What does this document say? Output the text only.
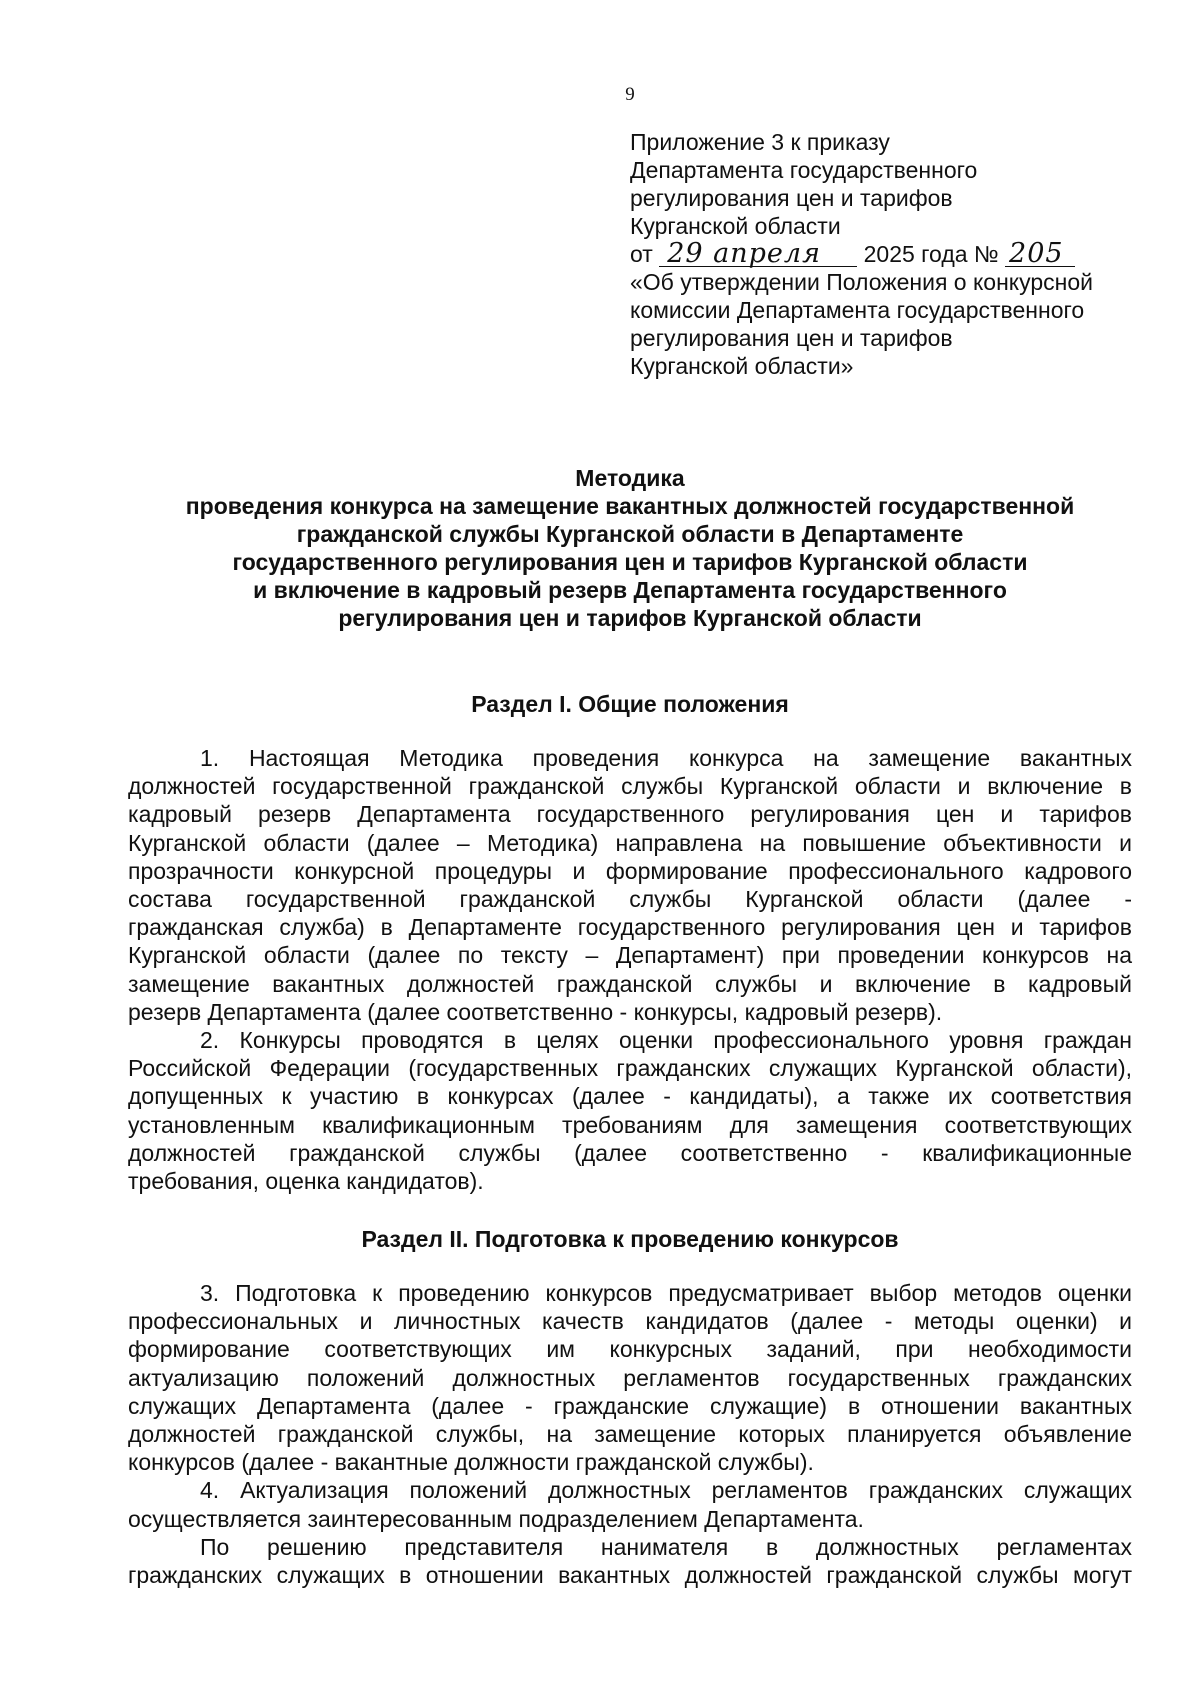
9
Приложение 3 к приказу
Департамента государственного
регулирования цен и тарифов
Курганской области
от 29 апреля 2025 года № 205
«Об утверждении Положения о конкурсной
комиссии Департамента государственного
регулирования цен и тарифов
Курганской области»
Методика
проведения конкурса на замещение вакантных должностей государственной
гражданской службы Курганской области в Департаменте
государственного регулирования цен и тарифов Курганской области
и включение в кадровый резерв Департамента государственного
регулирования цен и тарифов Курганской области
Раздел I. Общие положения
1. Настоящая Методика проведения конкурса на замещение вакантных
должностей государственной гражданской службы Курганской области и включение в
кадровый резерв Департамента государственного регулирования цен и тарифов
Курганской области (далее – Методика) направлена на повышение объективности и
прозрачности конкурсной процедуры и формирование профессионального кадрового
состава государственной гражданской службы Курганской области (далее -
гражданская служба) в Департаменте государственного регулирования цен и тарифов
Курганской области (далее по тексту – Департамент) при проведении конкурсов на
замещение вакантных должностей гражданской службы и включение в кадровый
резерв Департамента (далее соответственно - конкурсы, кадровый резерв).
2. Конкурсы проводятся в целях оценки профессионального уровня граждан
Российской Федерации (государственных гражданских служащих Курганской области),
допущенных к участию в конкурсах (далее - кандидаты), а также их соответствия
установленным квалификационным требованиям для замещения соответствующих
должностей гражданской службы (далее соответственно - квалификационные
требования, оценка кандидатов).
Раздел II. Подготовка к проведению конкурсов
3. Подготовка к проведению конкурсов предусматривает выбор методов оценки
профессиональных и личностных качеств кандидатов (далее - методы оценки) и
формирование соответствующих им конкурсных заданий, при необходимости
актуализацию положений должностных регламентов государственных гражданских
служащих Департамента (далее - гражданские служащие) в отношении вакантных
должностей гражданской службы, на замещение которых планируется объявление
конкурсов (далее - вакантные должности гражданской службы).
4. Актуализация положений должностных регламентов гражданских служащих
осуществляется заинтересованным подразделением Департамента.
По решению представителя нанимателя в должностных регламентах
гражданских служащих в отношении вакантных должностей гражданской службы могут
